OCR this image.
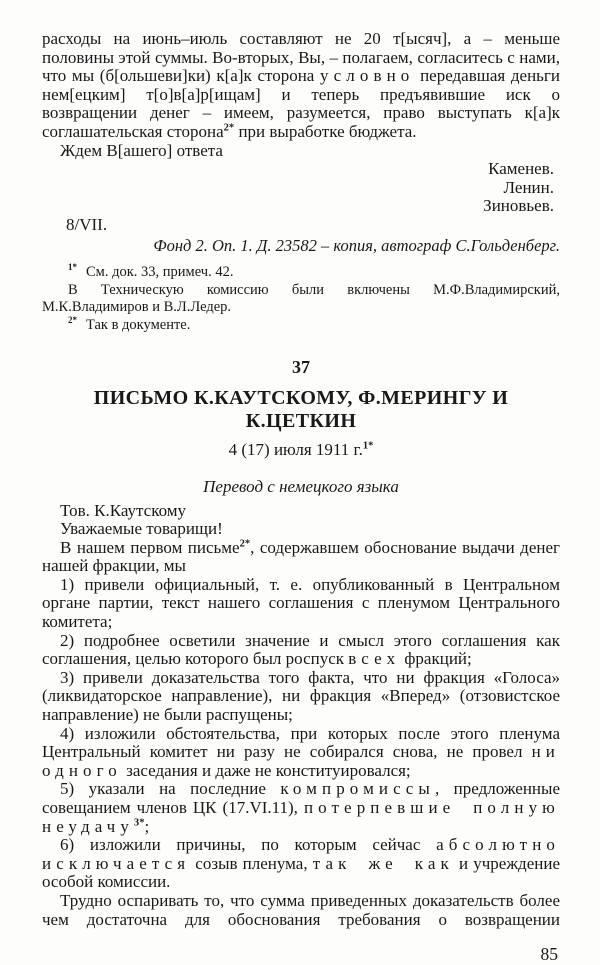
расходы на июнь–июль составляют не 20 т[ысяч], а – меньше половины этой суммы. Во-вторых, Вы, – полагаем, согласитесь с нами, что мы (б[ольшеви]ки) к[а]к сторона условно передавшая деньги нем[ецким] т[о]в[а]р[ищам] и теперь предъявившие иск о возвращении денег – имеем, разумеется, право выступать к[а]к соглашательская сторона$^{2*}$ при выработке бюджета.

Ждем В[ашего] ответа

Каменев.
Ленин.
Зиновьев.

8/VII.

Фонд 2. Оп. 1. Д. 23582 – копия, автограф С.Гольденберг.

$^{1*}$ См. док. 33, примеч. 42.

В Техническую комиссию были включены М.Ф.Владимирский, М.К.Владимиров и В.Л.Ледер.

$^{2*}$ Так в документе.

37
ПИСЬМО К.КАУТСКОМУ, Ф.МЕРИНГУ И К.ЦЕТКИН

4 (17) июля 1911 г.$^{1*}$

Перевод с немецкого языка

Тов. К.Каутскому

Уважаемые товарищи!

В нашем первом письме$^{2*}$, содержавшем обоснование выдачи денег нашей фракции, мы

1) привели официальный, т. е. опубликованный в Центральном органе партии, текст нашего соглашения с пленумом Центрального комитета;

2) подробнее осветили значение и смысл этого соглашения как соглашения, целью которого был роспуск всех фракций;

3) привели доказательства того факта, что ни фракция «Голоса» (ликвидаторское направление), ни фракция «Вперед» (отзовистское направление) не были распущены;

4) изложили обстоятельства, при которых после этого пленума Центральный комитет ни разу не собирался снова, не провел ни одного заседания и даже не конституировался;

5) указали на последние компромиссы, предложенные совещанием членов ЦК (17.VI.11), потерпевшие полную неудачу$^{3*}$;

6) изложили причины, по которым сейчас абсолютно исключается созыв пленума, так же как и учреждение особой комиссии.

Трудно оспаривать то, что сумма приведенных доказательств более чем достаточна для обоснования требования о возвращении

85
